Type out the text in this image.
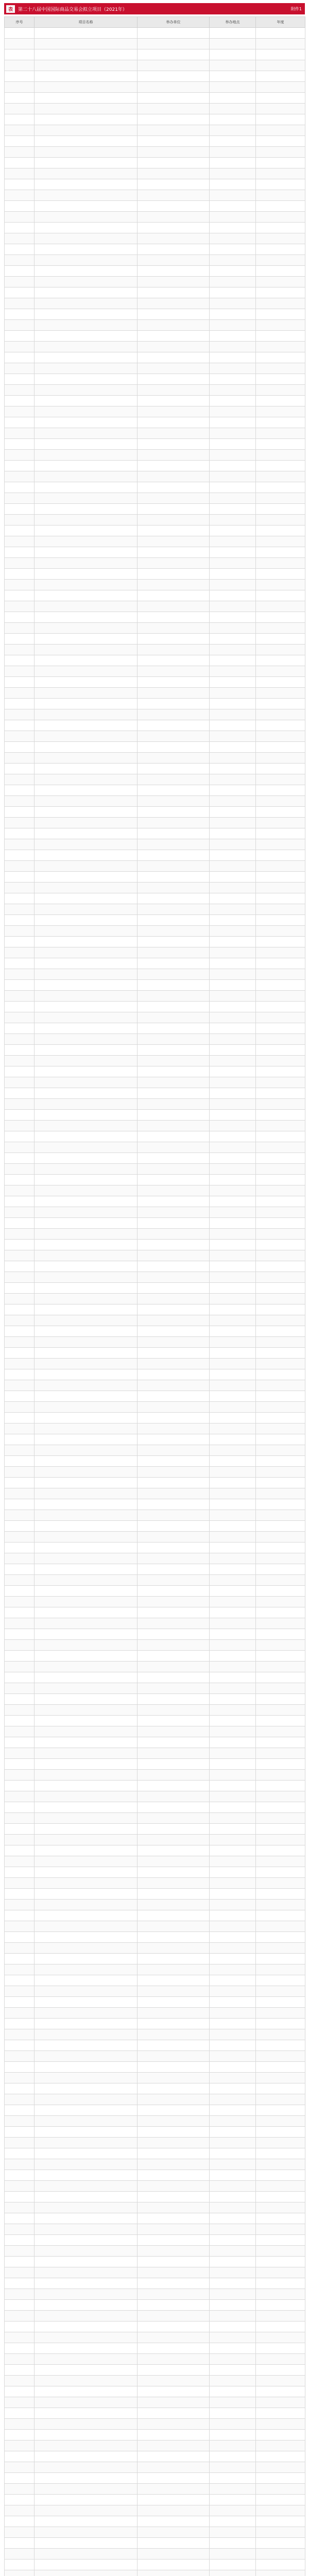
表	第二十八届中国国际商品交易会拟立项目（2021年）	附件1
序号	项目名称	举办单位	举办地点	年度
